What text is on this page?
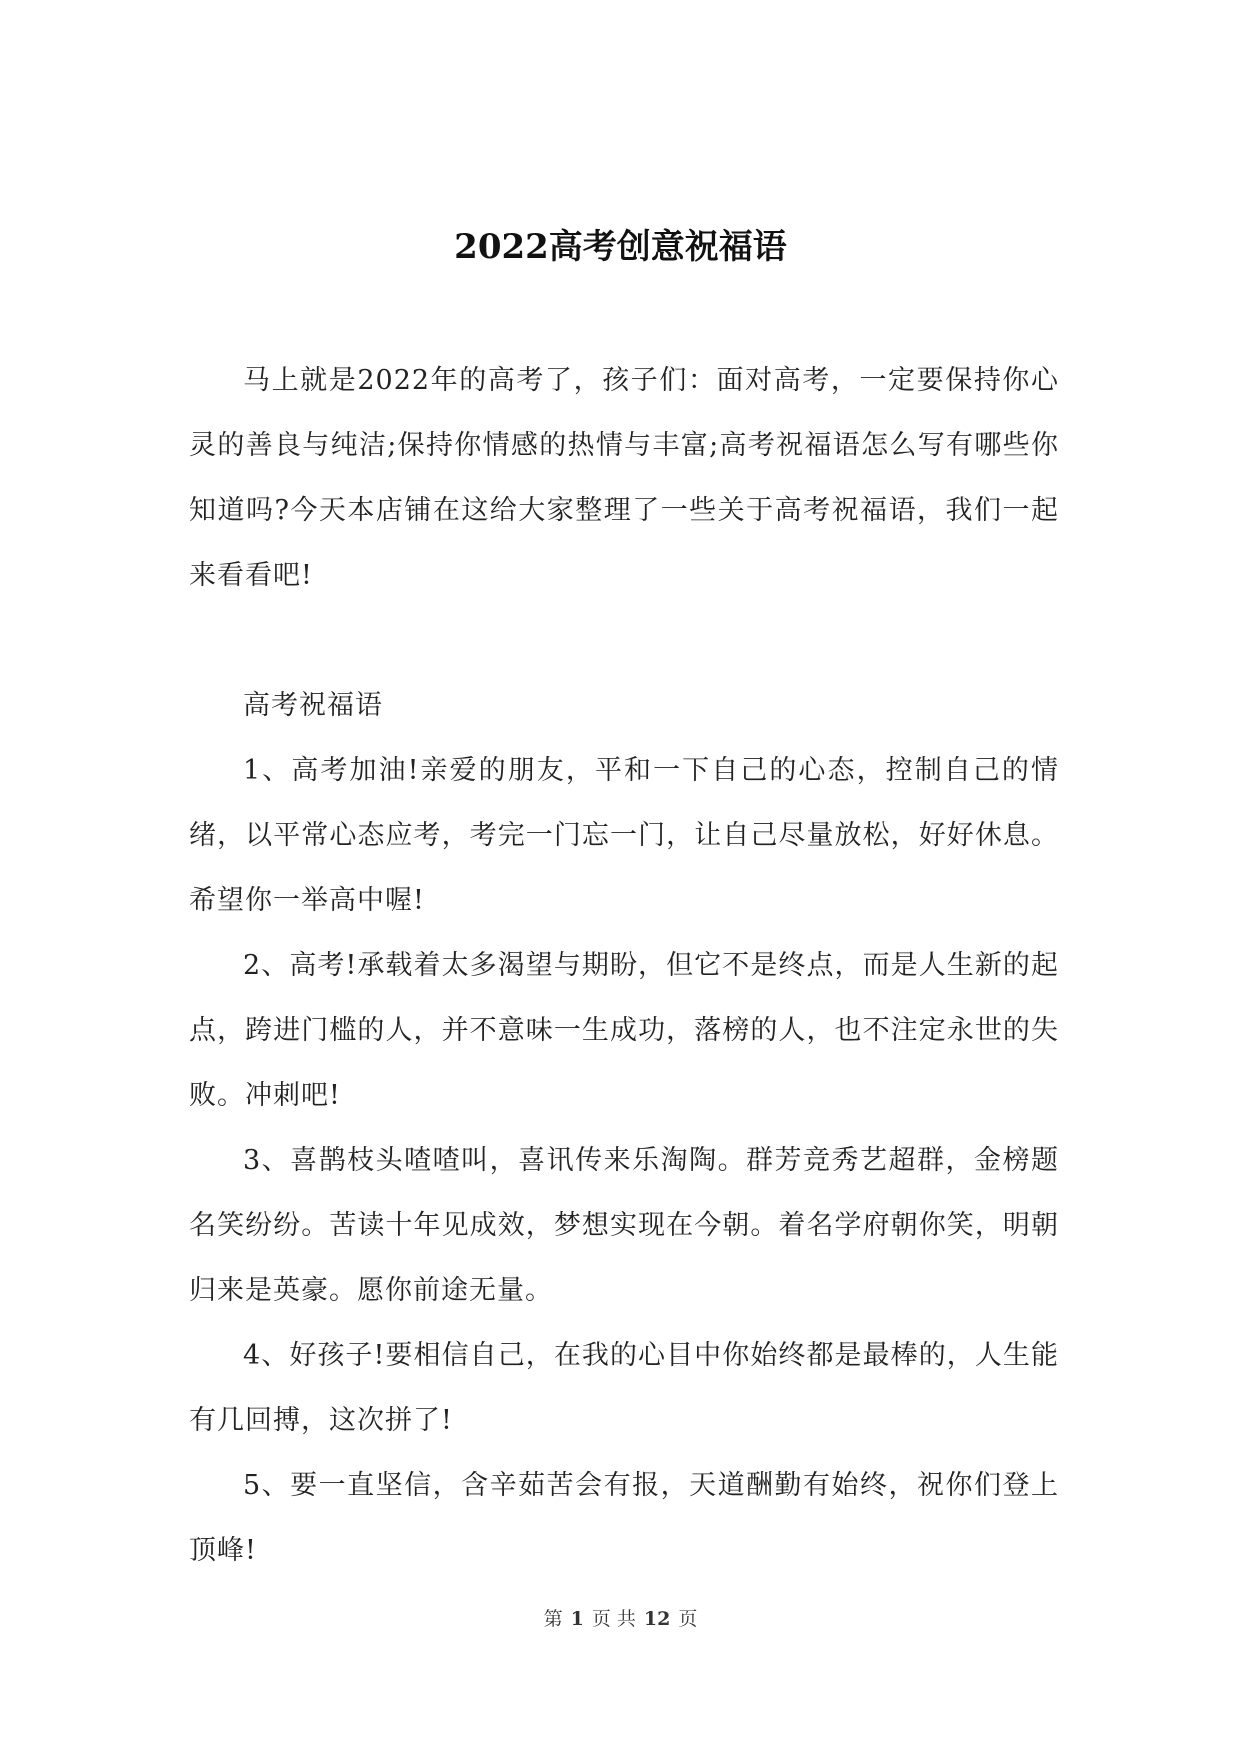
2022高考创意祝福语

马上就是2022年的高考了，孩子们：面对高考，一定要保持你心灵的善良与纯洁;保持你情感的热情与丰富;高考祝福语怎么写有哪些你知道吗?今天本店铺在这给大家整理了一些关于高考祝福语，我们一起来看看吧!

高考祝福语

1、高考加油!亲爱的朋友，平和一下自己的心态，控制自己的情绪，以平常心态应考，考完一门忘一门，让自己尽量放松，好好休息。希望你一举高中喔!

2、高考!承载着太多渴望与期盼，但它不是终点，而是人生新的起点，跨进门槛的人，并不意味一生成功，落榜的人，也不注定永世的失败。冲刺吧!

3、喜鹊枝头喳喳叫，喜讯传来乐淘陶。群芳竞秀艺超群，金榜题名笑纷纷。苦读十年见成效，梦想实现在今朝。着名学府朝你笑，明朝归来是英豪。愿你前途无量。

4、好孩子!要相信自己，在我的心目中你始终都是最棒的，人生能有几回搏，这次拼了!

5、要一直坚信，含辛茹苦会有报，天道酬勤有始终，祝你们登上顶峰!

第 1 页 共 12 页
